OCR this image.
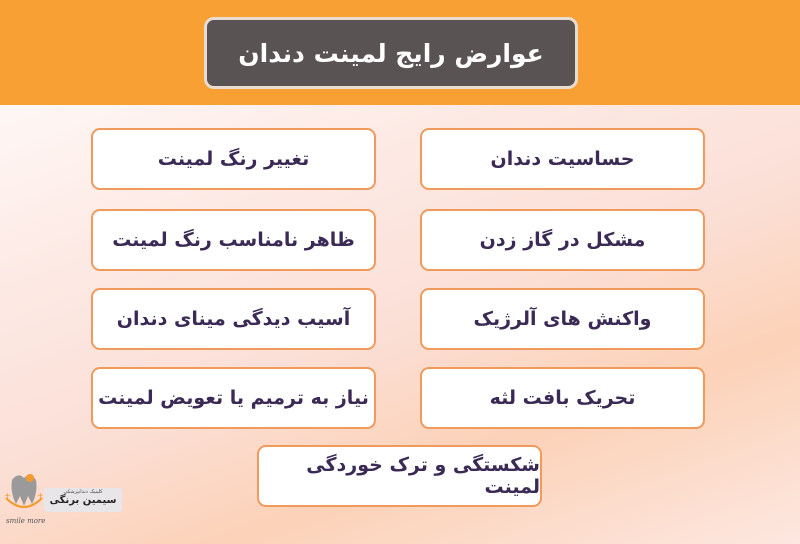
عوارض رایج لمینت دندان
حساسیت دندان
تغییر رنگ لمینت
مشکل در گاز زدن
ظاهر نامناسب رنگ لمینت
واکنش های آلرژیک
آسیب دیدگی مینای دندان
تحریک بافت لثه
نیاز به ترمیم یا تعویض لمینت
شکستگی و ترک خوردگی لمینت
+	+	کلینیک دندانپزشکی
سیمین برنگی
smile more
